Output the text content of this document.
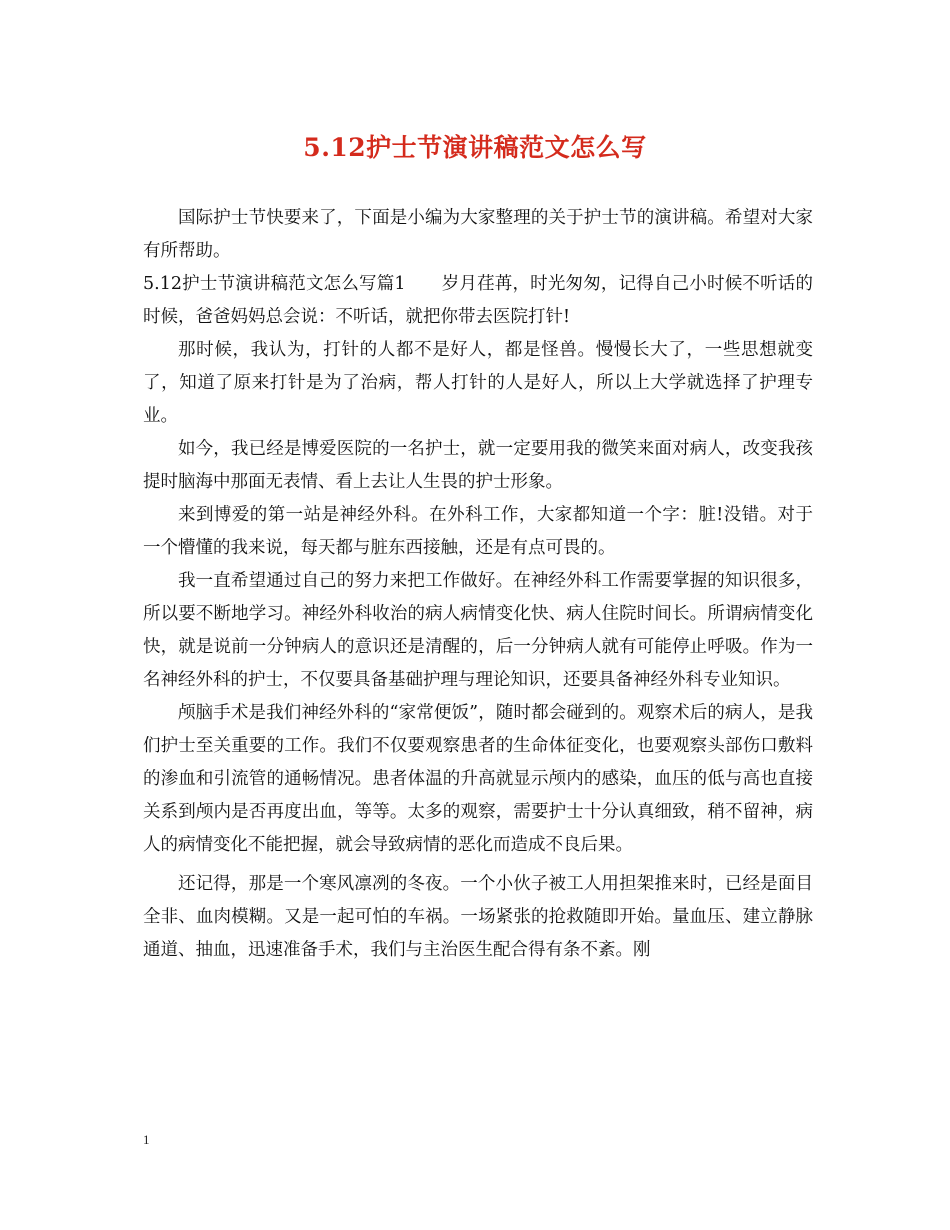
5.12护士节演讲稿范文怎么写

国际护士节快要来了，下面是小编为大家整理的关于护士节的演讲稿。希望对大家有所帮助。

5.12护士节演讲稿范文怎么写篇1 岁月荏苒，时光匆匆，记得自己小时候不听话的时候，爸爸妈妈总会说：不听话，就把你带去医院打针!

那时候，我认为，打针的人都不是好人，都是怪兽。慢慢长大了，一些思想就变了，知道了原来打针是为了治病，帮人打针的人是好人，所以上大学就选择了护理专业。

如今，我已经是博爱医院的一名护士，就一定要用我的微笑来面对病人，改变我孩提时脑海中那面无表情、看上去让人生畏的护士形象。

来到博爱的第一站是神经外科。在外科工作，大家都知道一个字：脏!没错。对于一个懵懂的我来说，每天都与脏东西接触，还是有点可畏的。

我一直希望通过自己的努力来把工作做好。在神经外科工作需要掌握的知识很多，所以要不断地学习。神经外科收治的病人病情变化快、病人住院时间长。所谓病情变化快，就是说前一分钟病人的意识还是清醒的，后一分钟病人就有可能停止呼吸。作为一名神经外科的护士，不仅要具备基础护理与理论知识，还要具备神经外科专业知识。

颅脑手术是我们神经外科的“家常便饭”，随时都会碰到的。观察术后的病人，是我们护士至关重要的工作。我们不仅要观察患者的生命体征变化，也要观察头部伤口敷料的渗血和引流管的通畅情况。患者体温的升高就显示颅内的感染，血压的低与高也直接关系到颅内是否再度出血，等等。太多的观察，需要护士十分认真细致，稍不留神，病人的病情变化不能把握，就会导致病情的恶化而造成不良后果。

还记得，那是一个寒风凛冽的冬夜。一个小伙子被工人用担架推来时，已经是面目全非、血肉模糊。又是一起可怕的车祸。一场紧张的抢救随即开始。量血压、建立静脉通道、抽血，迅速准备手术，我们与主治医生配合得有条不紊。刚

1
